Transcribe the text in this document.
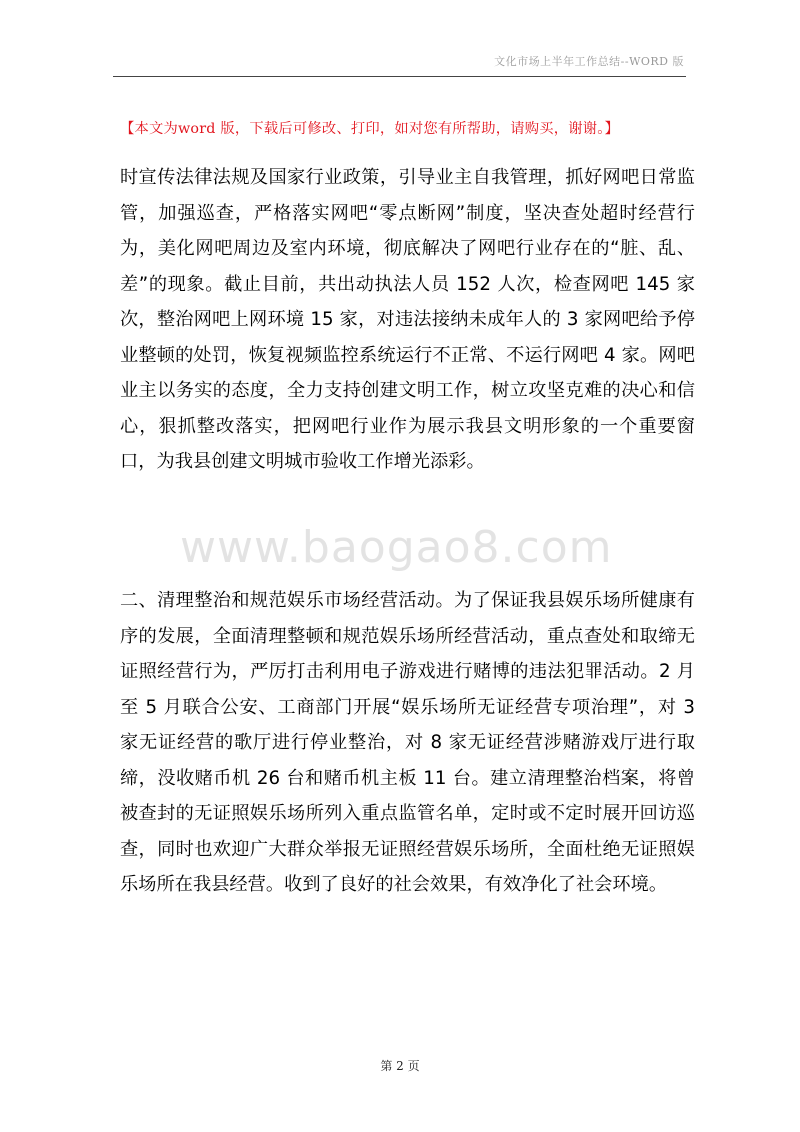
文化市场上半年工作总结--WORD 版
【本文为word 版，下载后可修改、打印，如对您有所帮助，请购买，谢谢。】
时宣传法律法规及国家行业政策，引导业主自我管理，抓好网吧日常监管，加强巡查，严格落实网吧“零点断网”制度，坚决查处超时经营行为，美化网吧周边及室内环境，彻底解决了网吧行业存在的“脏、乱、差”的现象。截止目前，共出动执法人员 152 人次，检查网吧 145 家次，整治网吧上网环境 15 家，对违法接纳未成年人的 3 家网吧给予停业整顿的处罚，恢复视频监控系统运行不正常、不运行网吧 4 家。网吧业主以务实的态度，全力支持创建文明工作，树立攻坚克难的决心和信心，狠抓整改落实，把网吧行业作为展示我县文明形象的一个重要窗口，为我县创建文明城市验收工作增光添彩。
www.baogao8.com
二、清理整治和规范娱乐市场经营活动。为了保证我县娱乐场所健康有序的发展，全面清理整顿和规范娱乐场所经营活动，重点查处和取缔无证照经营行为，严厉打击利用电子游戏进行赌博的违法犯罪活动。2 月至 5 月联合公安、工商部门开展“娱乐场所无证经营专项治理”，对 3 家无证经营的歌厅进行停业整治，对 8 家无证经营涉赌游戏厅进行取缔，没收赌币机 26 台和赌币机主板 11 台。建立清理整治档案，将曾被查封的无证照娱乐场所列入重点监管名单，定时或不定时展开回访巡查，同时也欢迎广大群众举报无证照经营娱乐场所，全面杜绝无证照娱乐场所在我县经营。收到了良好的社会效果，有效净化了社会环境。
第 2 页
